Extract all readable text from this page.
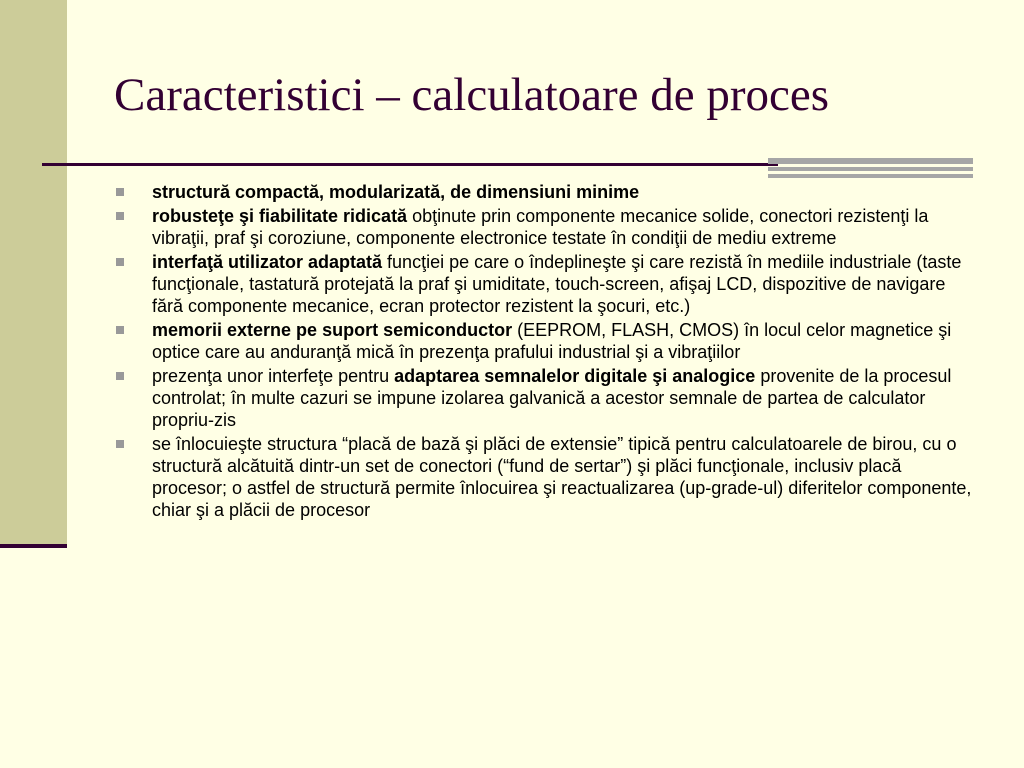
Caracteristici – calculatoare de proces
structură compactă, modularizată, de dimensiuni minime
robusteţe şi fiabilitate ridicată obţinute prin componente mecanice solide, conectori rezistenţi la vibraţii, praf şi coroziune, componente electronice testate în condiţii de mediu extreme
interfaţă utilizator adaptată funcţiei pe care o îndeplineşte şi care rezistă în mediile industriale (taste funcţionale, tastatură protejată la praf şi umiditate, touch-screen, afişaj LCD, dispozitive de navigare fără componente mecanice, ecran protector rezistent la şocuri, etc.)
memorii externe pe suport semiconductor (EEPROM, FLASH, CMOS) în locul celor magnetice şi optice care au anduranţă mică în prezenţa prafului industrial şi a vibraţiilor
prezenţa unor interfeţe pentru adaptarea semnalelor digitale şi analogice provenite de la procesul controlat; în multe cazuri se impune izolarea galvanică a acestor semnale de partea de calculator propriu-zis
se înlocuieşte structura “placă de bază şi plăci de extensie” tipică pentru calculatoarele de birou, cu o structură alcătuită dintr-un set de conectori (“fund de sertar”) şi plăci funcţionale, inclusiv placă procesor; o astfel de structură permite înlocuirea şi reactualizarea (up-grade-ul) diferitelor componente, chiar şi a plăcii de procesor
